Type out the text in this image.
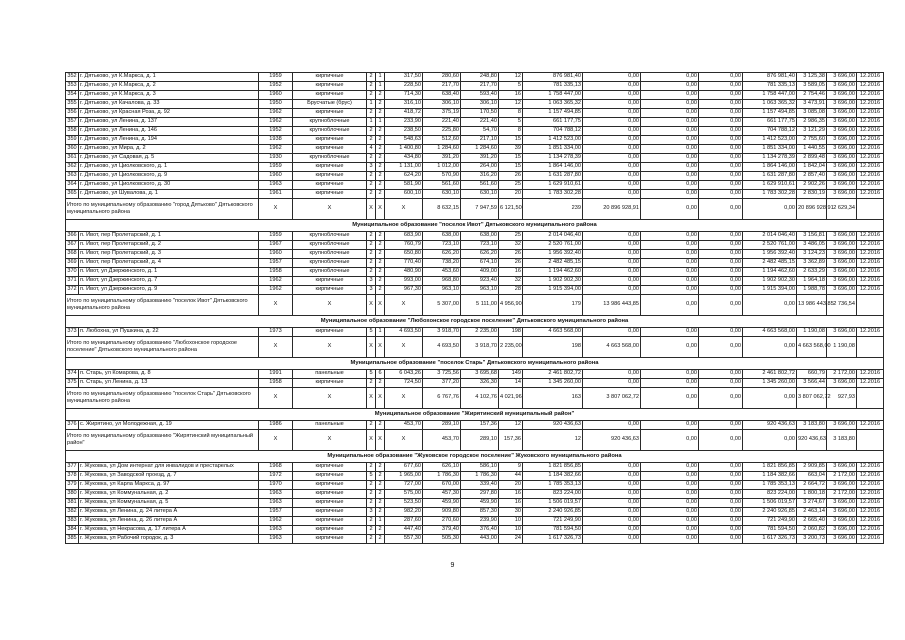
352	г. Дятьково, ул К.Маркса, д. 1	1959	кирпичные	2	1	317,50	280,60	248,80	12	876 981,40	0,00	0,00	0,00	876 981,40	3 125,38	3 696,00	12.2016	
353	г. Дятьково, ул К.Маркса, д. 2	1952	кирпичные	2	1	228,50	217,70	217,70	5	781 335,13	0,00	0,00	0,00	781 335,13	3 589,05	3 696,00	12.2016	
354	г. Дятьково, ул К.Маркса, д. 3	1960	кирпичные	2	2	714,30	638,40	593,40	16	1 758 447,00	0,00	0,00	0,00	1 758 447,00	2 754,46	3 696,00	12.2016	
355	г. Дятьково, ул Качалова, д. 33	1950	Брусчатые (брус)	1	2	316,10	306,10	306,10	12	1 063 365,32	0,00	0,00	0,00	1 063 365,32	3 473,91	3 696,00	12.2016	
356	г. Дятьково, ул Красная Роза, д. 92	1962	кирпичные	2	2	418,72	375,19	170,50	8	1 157 494,85	0,00	0,00	0,00	1 157 494,85	3 085,08	3 696,00	12.2016	
357	г. Дятьково, ул Ленина, д. 137	1962	крупноблочные	1	1	233,90	221,40	221,40	5	661 177,75	0,00	0,00	0,00	661 177,75	2 986,35	3 696,00	12.2016	
358	г. Дятьково, ул Ленина, д. 146	1952	крупноблочные	2	2	238,50	225,80	54,70	8	704 788,12	0,00	0,00	0,00	704 788,12	3 121,29	3 696,00	12.2016	
359	г. Дятьково, ул Ленина, д. 194	1938	кирпичные	2	2	548,63	512,60	217,10	15	1 412 523,00	0,00	0,00	0,00	1 412 523,00	2 755,60	3 696,00	12.2016	
360	г. Дятьково, ул Мира, д. 2	1962	кирпичные	4	2	1 400,80	1 284,60	1 284,60	39	1 851 334,00	0,00	0,00	0,00	1 851 334,00	1 440,55	3 696,00	12.2016	
361	г. Дятьково, ул Садовая, д. 5	1930	крупноблочные	2	2	434,80	391,20	391,20	15	1 134 278,39	0,00	0,00	0,00	1 134 278,39	2 899,48	3 696,00	12.2016	
362	г. Дятьково, ул Циолковского, д. 1	1959	кирпичные	3	2	1 131,00	1 012,00	264,00	15	1 864 146,00	0,00	0,00	0,00	1 864 146,00	1 842,04	3 696,00	12.2016	
363	г. Дятьково, ул Циолковского, д. 9	1960	кирпичные	2	2	624,20	570,90	316,20	26	1 631 287,80	0,00	0,00	0,00	1 631 287,80	2 857,40	3 696,00	12.2016	
364	г. Дятьково, ул Циолковского, д. 30	1963	кирпичные	2	2	581,90	561,60	561,60	25	1 629 910,61	0,00	0,00	0,00	1 629 910,61	2 902,26	3 696,00	12.2016	
365	г. Дятьково, ул Шувалова, д. 1	1961	кирпичные	2	2	600,10	630,10	630,10	20	1 783 302,28	0,00	0,00	0,00	1 783 302,28	2 830,19	3 696,00	12.2016	
Итого по муниципальному образованию "город Дятьково" Дятьковского муниципального района		X	X	X	X	X	8 632,15	7 947,59	6 121,50	239	20 896 928,91	0,00	0,00	0,00	20 896 928,91	2 629,34		
Муниципальное образование "поселок Ивот" Дятьковского муниципального района																		
366	п. Ивот, пер Пролетарский, д. 1	1959	крупноблочные	2	2	683,90	638,00	638,00	25	2 014 046,40	0,00	0,00	0,00	2 014 046,40	3 156,81	3 696,00	12.2016	
367	п. Ивот, пер Пролетарский, д. 2	1967	крупноблочные	2	2	760,79	723,10	723,10	32	2 520 761,00	0,00	0,00	0,00	2 520 761,00	3 486,05	3 696,00	12.2016	
368	п. Ивот, пер Пролетарский, д. 3	1960	крупноблочные	2	2	650,80	626,20	626,20	26	1 956 392,40	0,00	0,00	0,00	1 956 392,40	3 124,23	3 696,00	12.2016	
369	п. Ивот, пер Пролетарский, д. 4	1957	крупноблочные	2	2	770,40	738,20	674,10	26	2 482 485,15	0,00	0,00	0,00	2 482 485,15	3 362,89	3 696,00	12.2016	
370	п. Ивот, ул Дзержинского, д. 1	1958	крупноблочные	2	2	480,90	453,60	409,00	16	1 194 462,60	0,00	0,00	0,00	1 194 462,60	2 633,29	3 696,00	12.2016	
371	п. Ивот, ул Дзержинского, д. 7	1962	кирпичные	3	2	993,00	968,80	923,40	32	1 902 902,30	0,00	0,00	0,00	1 902 902,30	1 964,18	3 696,00	12.2016	
372	п. Ивот, ул Дзержинского, д. 9	1962	кирпичные	3	2	967,30	963,10	963,10	28	1 915 394,00	0,00	0,00	0,00	1 915 394,00	1 988,78	3 696,00	12.2016	
Итого по муниципальному образованию "поселок Ивот" Дятьковского муниципального района		X	X	X	X	X	5 307,00	5 111,00	4 956,90	179	13 986 443,85	0,00	0,00	0,00	13 986 443,85	2 736,54		
Муниципальное образование "Любохонское городское поселение" Дятьковского муниципального района																		
373	п. Любохна, ул Пушкина, д. 22	1973	кирпичные	5	1	4 693,50	3 918,70	2 235,00	198	4 663 568,00	0,00	0,00	0,00	4 663 568,00	1 190,08	3 696,00	12.2016	
Итого по муниципальному образованию "Любохонское городское поселение" Дятьковского муниципального района		X	X	X	X	X	4 693,50	3 918,70	2 235,00	198	4 663 568,00	0,00	0,00	0,00	4 663 568,00	1 190,08		
Муниципальное образование "поселок Старь" Дятьковского муниципального района																		
374	п. Старь, ул Комарова, д. 8	1991	панельные	5	6	6 043,26	3 725,56	3 695,68	149	2 461 802,72	0,00	0,00	0,00	2 461 802,72	660,79	2 172,00	12.2016	
375	п. Старь, ул Ленина, д. 13	1958	кирпичные	2	2	724,50	377,20	326,30	14	1 345 260,00	0,00	0,00	0,00	1 345 260,00	3 566,44	3 696,00	12.2016	
Итого по муниципальному образованию "поселок Старь" Дятьковского муниципального района		X	X	X	X	X	6 767,76	4 102,76	4 021,96	163	3 807 062,72	0,00	0,00	0,00	3 807 062,72	927,93		
Муниципальное образование "Жирятинский муниципальный район"																		
376	с. Жирятино, ул Молодежная, д. 19	1986	панельные	2	2	453,70	289,10	157,36	12	920 436,63	0,00	0,00	0,00	920 436,63	3 183,80	3 696,00	12.2016	
Итого по муниципальному образованию "Жирятинский муниципальный район"		X	X	X	X	X	453,70	289,10	157,36	12	920 436,63	0,00	0,00	0,00	920 436,63	3 183,80		
Муниципальное образование "Жуковское городское поселение" Жуковского муниципального района																		
377	г. Жуковка, ул Дом интернат для инвалидов и престарелых	1968	кирпичные	2	2	677,60	626,10	586,10	9	1 821 856,85	0,00	0,00	0,00	1 821 856,85	2 909,85	3 696,00	12.2016	
378	г. Жуковка, ул Заводской проезд, д. 7	1972	кирпичные	5	2	1 965,00	1 786,30	1 786,30	44	1 184 382,66	0,00	0,00	0,00	1 184 382,66	663,04	2 172,00	12.2016	
379	г. Жуковка, ул Карла Маркса, д. 97	1970	кирпичные	2	2	727,00	670,00	339,40	20	1 785 353,13	0,00	0,00	0,00	1 785 353,13	2 664,72	3 696,00	12.2016	
380	г. Жуковка, ул Коммунальная, д. 2	1963	кирпичные	2	2	575,00	457,30	297,80	16	823 224,00	0,00	0,00	0,00	823 224,00	1 800,18	2 172,00	12.2016	
381	г. Жуковка, ул Коммунальная, д. 5	1963	кирпичные	2	2	523,50	459,90	459,90	16	1 506 019,57	0,00	0,00	0,00	1 506 019,57	3 274,67	3 696,00	12.2016	
382	г. Жуковка, ул Ленина, д. 24 литера А	1957	кирпичные	3	2	982,20	909,80	857,30	30	2 240 926,85	0,00	0,00	0,00	2 240 926,85	2 463,14	3 696,00	12.2016	
383	г. Жуковка, ул Ленина, д. 26 литера А	1962	кирпичные	2	1	287,60	270,60	239,90	10	721 249,90	0,00	0,00	0,00	721 249,90	2 665,40	3 696,00	12.2016	
384	г. Жуковка, ул Некрасова, д. 17 литера А	1963	кирпичные	2	2	447,40	379,40	376,40	10	781 594,50	0,00	0,00	0,00	781 594,50	2 060,82	3 696,00	12.2016	
385	г. Жуковка, ул Рабочий городок, д. 3	1963	кирпичные	2	2	557,30	505,30	443,00	24	1 617 326,73	0,00	0,00	0,00	1 617 326,73	3 200,73	3 696,00	12.2016	
9
